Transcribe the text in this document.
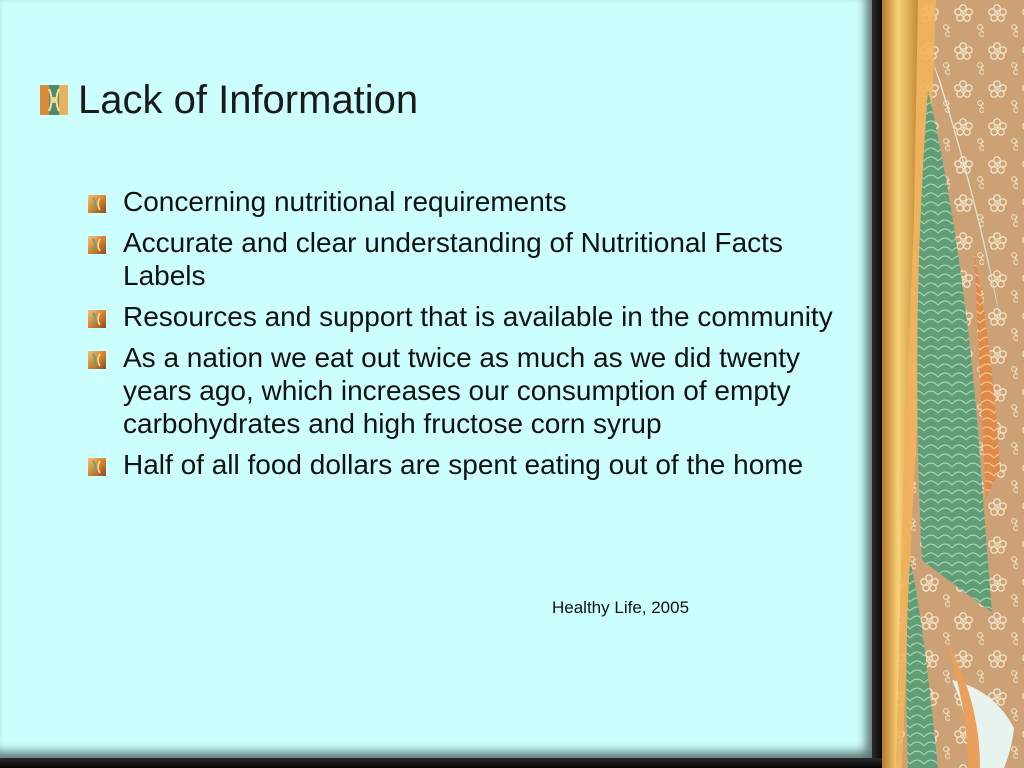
Lack of Information
Concerning nutritional requirements
Accurate and clear understanding of Nutritional Facts Labels
Resources and support that is available in the community
As a nation we eat out twice as much as we did twenty years ago, which increases our consumption of empty carbohydrates and high fructose corn syrup
Half of all food dollars are spent eating out of the home
Healthy Life, 2005
